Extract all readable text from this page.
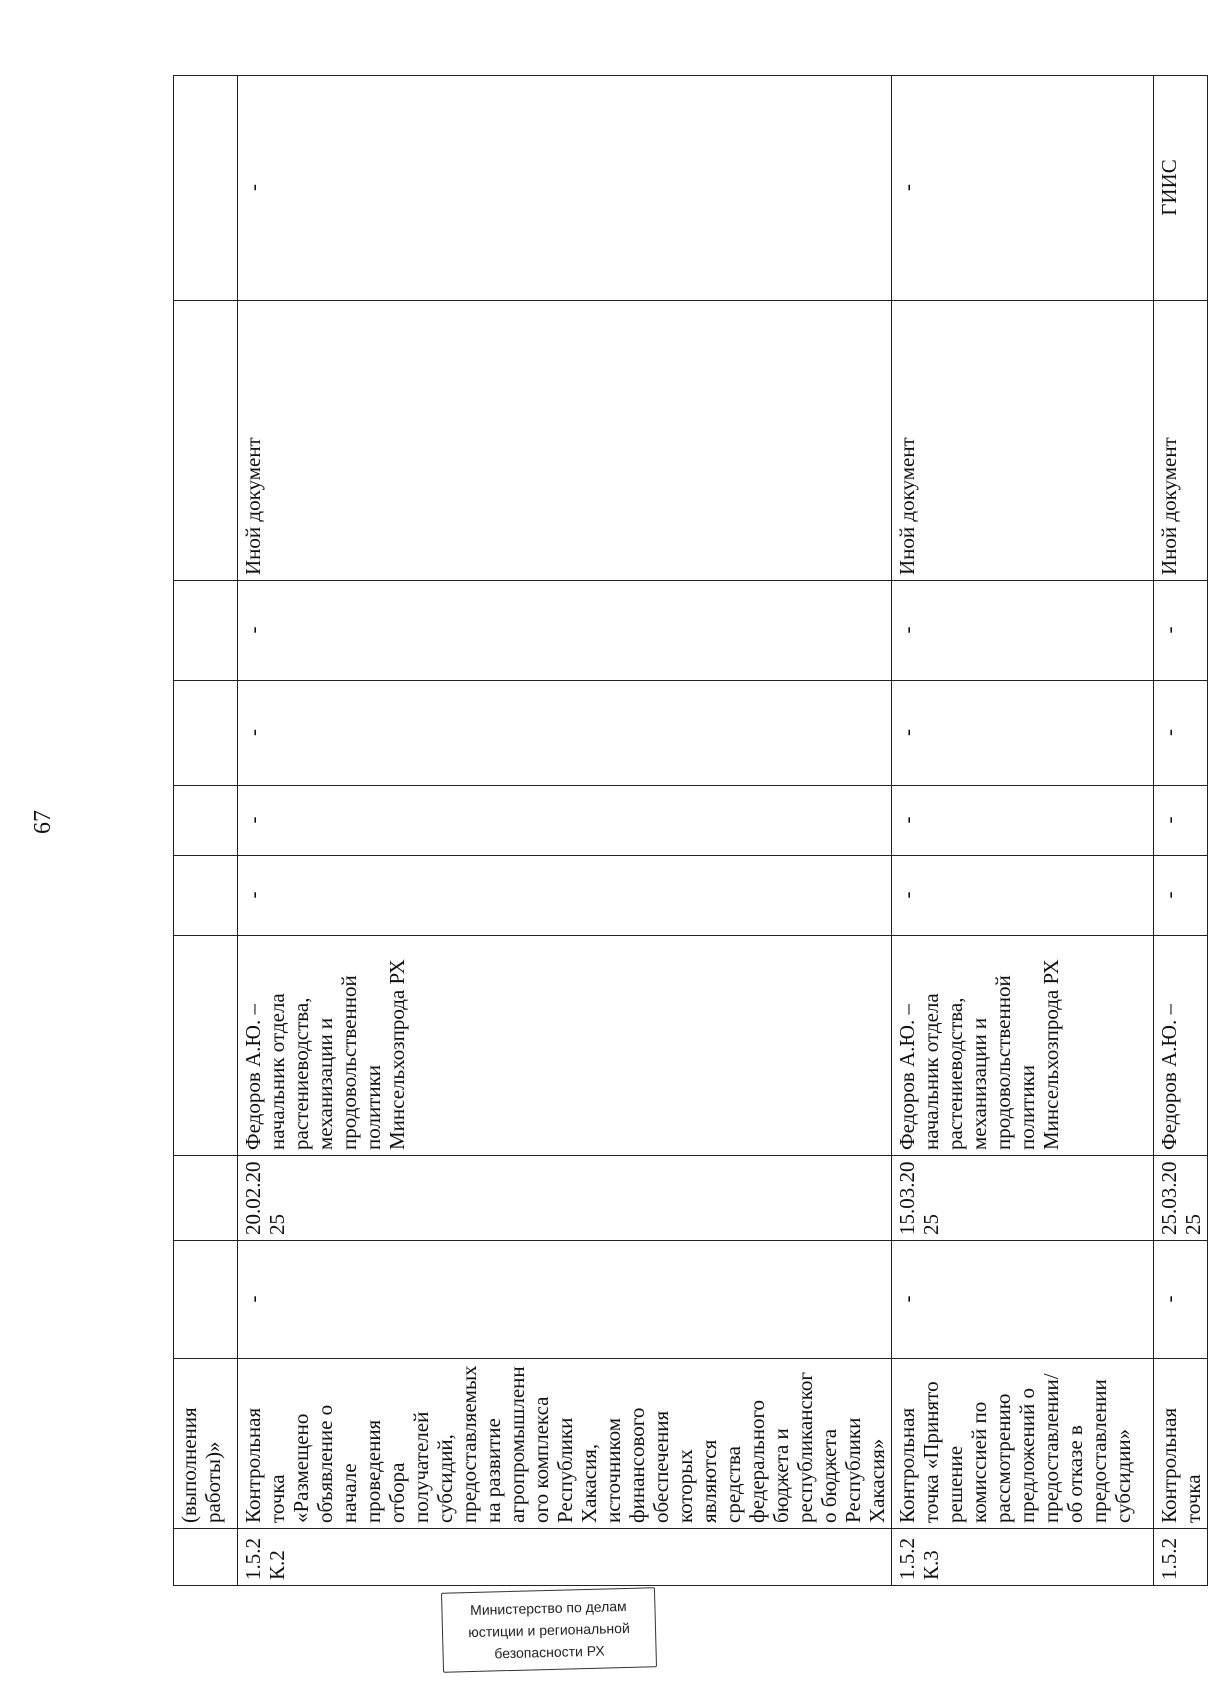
67
	(выполнения работы)»									
1.5.2 К.2	Контрольная точка «Размещено объявление о начале проведения отбора получателей субсидий, предоставляемых на развитие агропромышленного комплекса Республики Хакасия, источником финансового обеспечения которых являются средства федерального бюджета и республиканского бюджета Республики Хакасия»	-	20.02.2025	Федоров А.Ю. – начальник отдела растениеводства, механизации и продовольственной политики Минсельхозпрода РХ	-	-	-	-	Иной документ	-
1.5.2 К.3	Контрольная точка «Принято решение комиссией по рассмотрению предложений о предоставлении/ об отказе в предоставлении субсидии»	-	15.03.2025	Федоров А.Ю. – начальник отдела растениеводства, механизации и продовольственной политики Минсельхозпрода РХ	-	-	-	-	Иной документ	-
1.5.2	Контрольная точка	-	25.03.2025	Федоров А.Ю. –	-	-	-	-	Иной документ	ГИИС
Министерство по делам
юстиции и региональной
безопасности РХ
